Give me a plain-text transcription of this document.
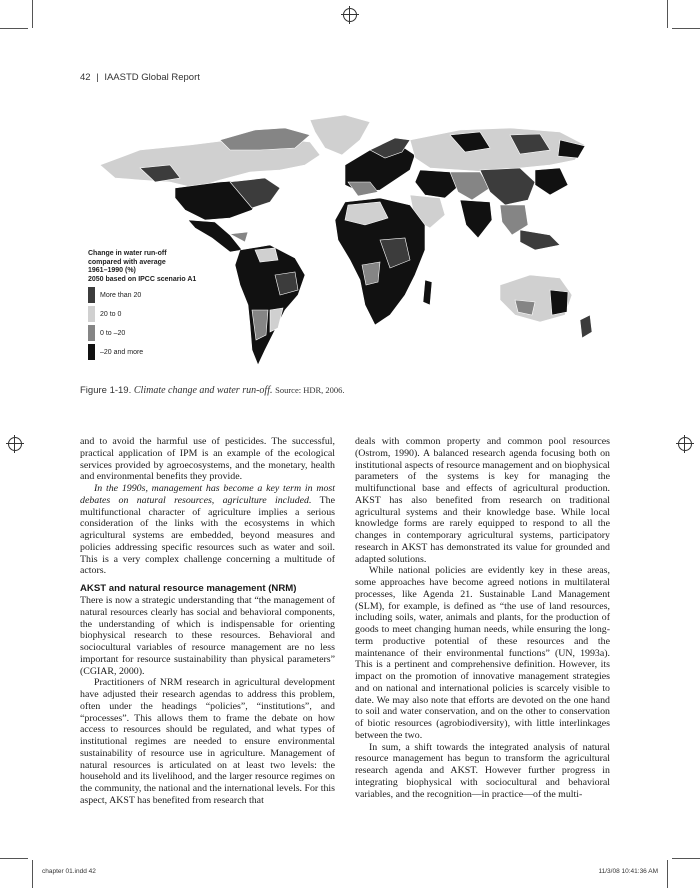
42 | IAASTD Global Report
Change in water run-off
compared with average
1961–1990 (%)
2050 based on IPCC scenario A1
More than 20
20 to 0
0 to –20
–20 and more
Figure 1-19. Climate change and water run-off. Source: HDR, 2006.

and to avoid the harmful use of pesticides. The successful, practical application of IPM is an example of the ecological services provided by agroecosystems, and the monetary, health and environmental benefits they provide.

In the 1990s, management has become a key term in most debates on natural resources, agriculture included. The multifunctional character of agriculture implies a serious consideration of the links with the ecosystems in which agricultural systems are embedded, beyond measures and policies addressing specific resources such as water and soil. This is a very complex challenge concerning a multitude of actors.

AKST and natural resource management (NRM)

There is now a strategic understanding that “the management of natural resources clearly has social and behavioral components, the understanding of which is indispensable for orienting biophysical research to these resources. Behavioral and sociocultural variables of resource management are no less important for resource sustainability than physical parameters” (CGIAR, 2000).

Practitioners of NRM research in agricultural development have adjusted their research agendas to address this problem, often under the headings “policies”, “institutions”, and “processes”. This allows them to frame the debate on how access to resources should be regulated, and what types of institutional regimes are needed to ensure environmental sustainability of resource use in agriculture. Management of natural resources is articulated on at least two levels: the household and its livelihood, and the larger resource regimes on the community, the national and the international levels. For this aspect, AKST has benefited from research that

deals with common property and common pool resources (Ostrom, 1990). A balanced research agenda focusing both on institutional aspects of resource management and on biophysical parameters of the systems is key for managing the multifunctional base and effects of agricultural production. AKST has also benefited from research on traditional agricultural systems and their knowledge base. While local knowledge forms are rarely equipped to respond to all the changes in contemporary agricultural systems, participatory research in AKST has demonstrated its value for grounded and adapted solutions.

While national policies are evidently key in these areas, some approaches have become agreed notions in multilateral processes, like Agenda 21. Sustainable Land Management (SLM), for example, is defined as “the use of land resources, including soils, water, animals and plants, for the production of goods to meet changing human needs, while ensuring the long-term productive potential of these resources and the maintenance of their environmental functions” (UN, 1993a). This is a pertinent and comprehensive definition. However, its impact on the promotion of innovative management strategies and on national and international policies is scarcely visible to date. We may also note that efforts are devoted on the one hand to soil and water conservation, and on the other to conservation of biotic resources (agrobiodiversity), with little interlinkages between the two.

In sum, a shift towards the integrated analysis of natural resource management has begun to transform the agricultural research agenda and AKST. However further progress in integrating biophysical with sociocultural and behavioral variables, and the recognition—in practice—of the multi-

chapter 01.indd 42	11/3/08 10:41:36 AM
